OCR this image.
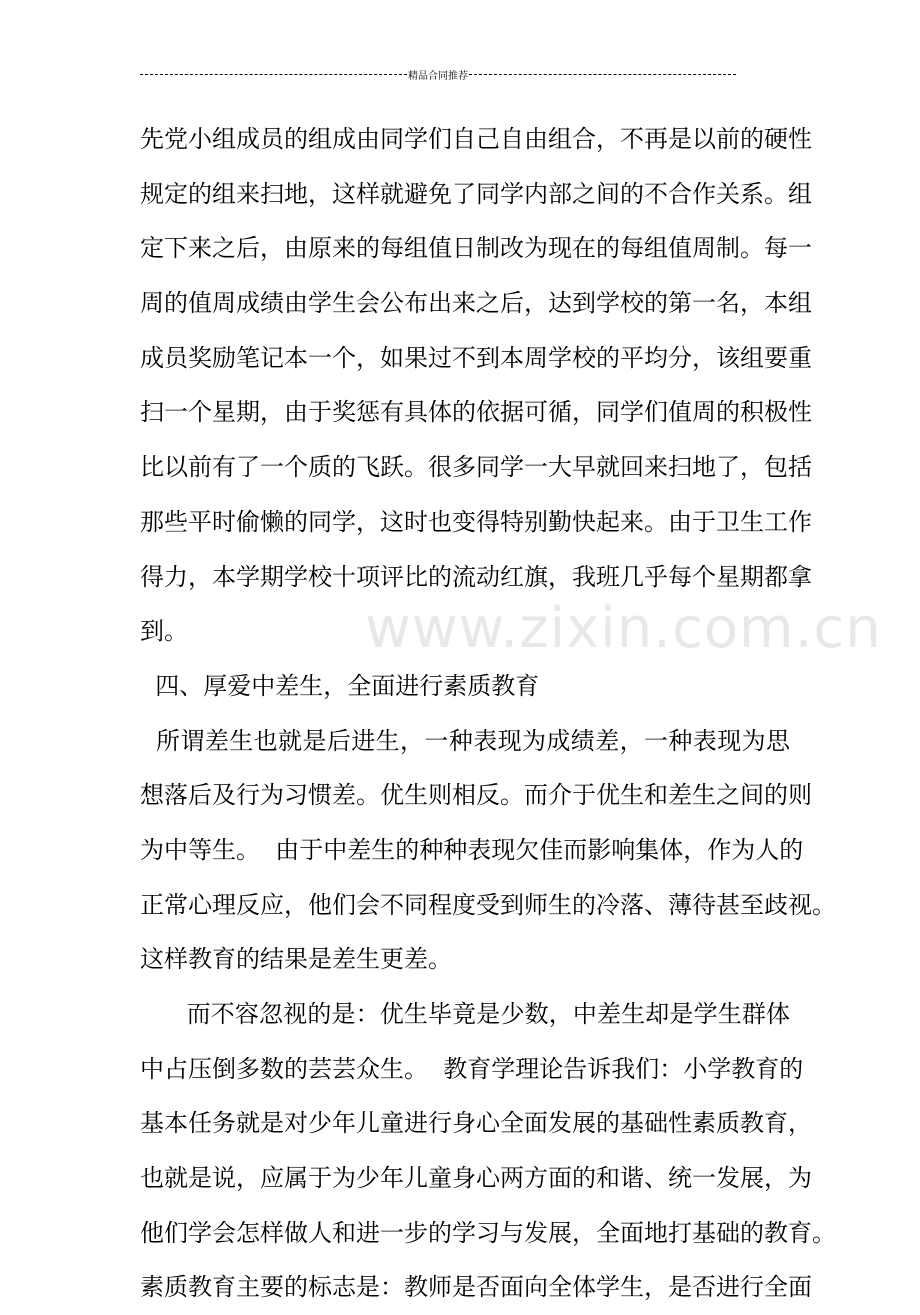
精品合同推荐
www.zixin.com.cn
先党小组成员的组成由同学们自己自由组合，不再是以前的硬性
规定的组来扫地，这样就避免了同学内部之间的不合作关系。组
定下来之后，由原来的每组值日制改为现在的每组值周制。每一
周的值周成绩由学生会公布出来之后，达到学校的第一名，本组
成员奖励笔记本一个，如果过不到本周学校的平均分，该组要重
扫一个星期，由于奖惩有具体的依据可循，同学们值周的积极性
比以前有了一个质的飞跃。很多同学一大早就回来扫地了，包括
那些平时偷懒的同学，这时也变得特别勤快起来。由于卫生工作
得力，本学期学校十项评比的流动红旗，我班几乎每个星期都拿
到。
四、厚爱中差生，全面进行素质教育
所谓差生也就是后进生，一种表现为成绩差，一种表现为思
想落后及行为习惯差。优生则相反。而介于优生和差生之间的则
为中等生。  由于中差生的种种表现欠佳而影响集体，作为人的
正常心理反应，他们会不同程度受到师生的冷落、薄待甚至歧视。
这样教育的结果是差生更差。
而不容忽视的是：优生毕竟是少数，中差生却是学生群体
中占压倒多数的芸芸众生。  教育学理论告诉我们：小学教育的
基本任务就是对少年儿童进行身心全面发展的基础性素质教育，
也就是说，应属于为少年儿童身心两方面的和谐、统一发展，为
他们学会怎样做人和进一步的学习与发展，全面地打基础的教育。
素质教育主要的标志是：教师是否面向全体学生，是否进行全面
